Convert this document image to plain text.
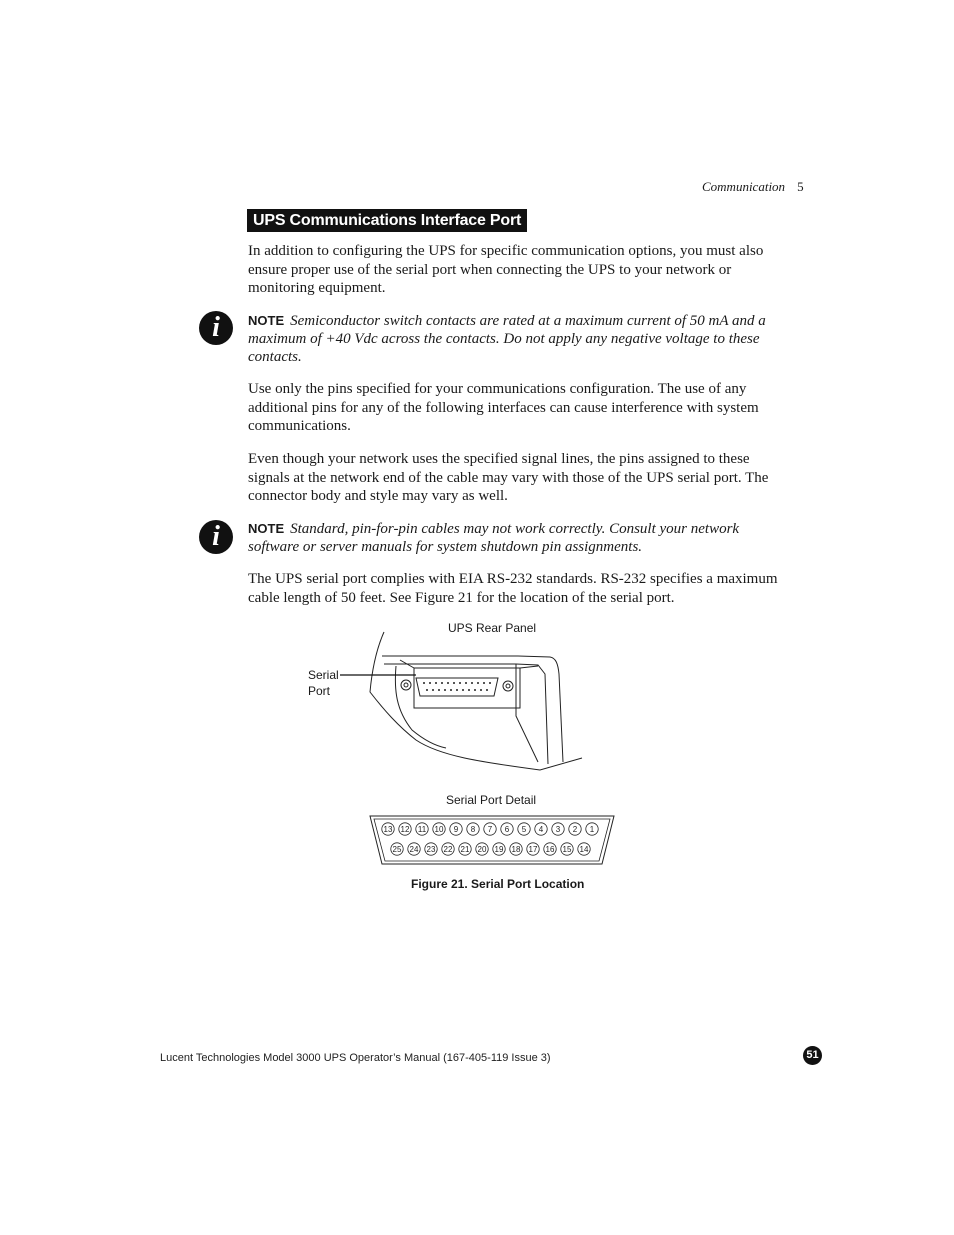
Communication 5
UPS Communications Interface Port

In addition to configuring the UPS for specific communication options, you must also ensure proper use of the serial port when connecting the UPS to your network or monitoring equipment.

i	NOTE Semiconductor switch contacts are rated at a maximum current of 50 mA and a maximum of +40 Vdc across the contacts. Do not apply any negative voltage to these contacts.

Use only the pins specified for your communications configuration. The use of any additional pins for any of the following interfaces can cause interference with system communications.

Even though your network uses the specified signal lines, the pins assigned to these signals at the network end of the cable may vary with those of the UPS serial port. The connector body and style may vary as well.

i	NOTE Standard, pin-for-pin cables may not work correctly. Consult your network software or server manuals for system shutdown pin assignments.

The UPS serial port complies with EIA RS-232 standards. RS-232 specifies a maximum cable length of 50 feet. See Figure 21 for the location of the serial port.

UPS Rear Panel
Serial
Port
Serial Port Detail
13 12 11 10 9 8 7 6 5 4 3 2 1
25 24 23 22 21 20 19 18 17 16 15 14
Figure 21. Serial Port Location
Lucent Technologies Model 3000 UPS Operator’s Manual (167-405-119 Issue 3)	51
